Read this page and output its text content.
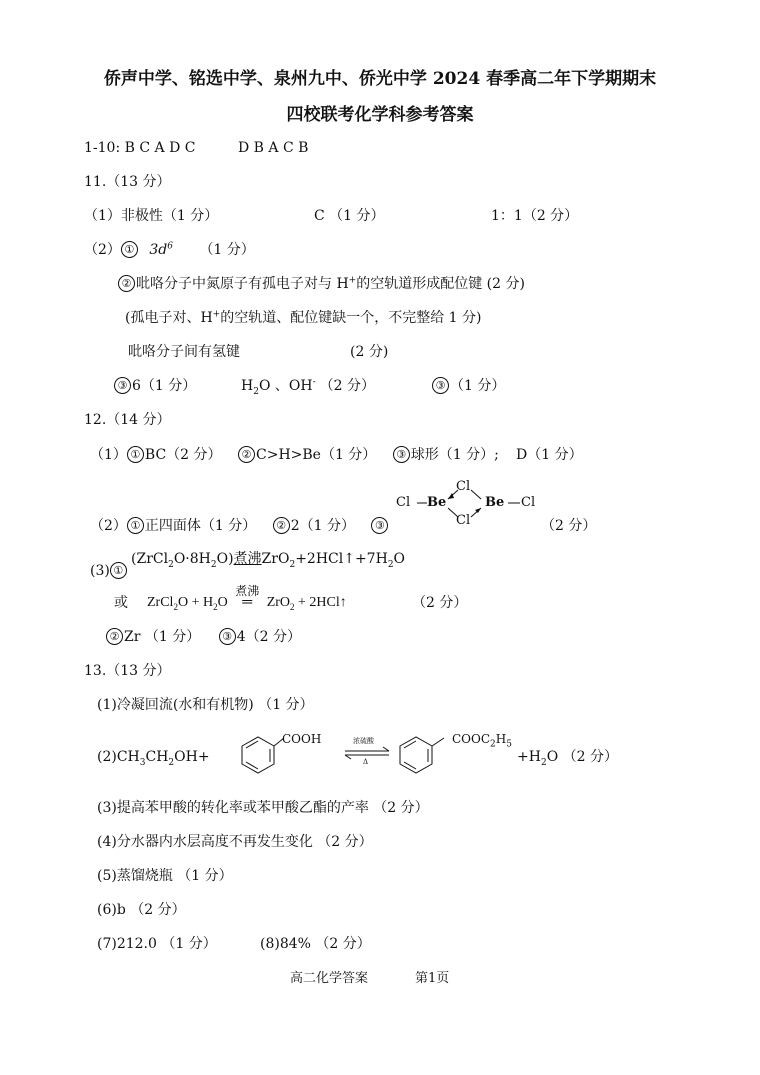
侨声中学、铭选中学、泉州九中、侨光中学 2024 春季高二年下学期期末
四校联考化学科参考答案
1-10: B C A D C	D B A C B
11.（13 分）
（1）非极性（1 分）	C （1 分）	1：1（2 分）
（2） ① $3d^6$ （1 分）
② 吡咯分子中氮原子有孤电子对与 H+的空轨道形成配位键 (2 分)
(孤电子对、H+的空轨道、配位键缺一个，不完整给 1 分)
吡咯分子间有氢键	(2 分)
③ 6（1 分）	$H_2O$ 、OH- （2 分）	③ （1 分）
12.（14 分）
（1） ① BC（2 分） ② C>H>Be（1 分） ③ 球形（1 分）; D（1 分）
Cl Be
Cl
Cl
Be Cl
（2） ① 正四面体（1 分） ② 2（1 分） ③	（2 分）
(3) ①
$(ZrCl_2O\cdot 8H_2O)$煮沸$ZrO_2+2HCl↑+7H_2O$
或 ZrCl$_2$O + $H_2O$
煮沸
═ ZrO$_2$ + 2HCl↑	（2 分）
② Zr （1 分） ③ 4（2 分）
13.（13 分）
(1)冷凝回流(水和有机物) （1 分）
$(2)CH_3CH_2OH+$
COOH	浓硫酸
Δ
$COOC_2H_5$
$+H_2O$ （2 分）
(3)提高苯甲酸的转化率或苯甲酸乙酯的产率 （2 分）
(4)分水器内水层高度不再发生变化 （2 分）
(5)蒸馏烧瓶 （1 分）
(6)b （2 分）
(7)212.0 （1 分）	(8)84% （2 分）
高二化学答案	第1页
